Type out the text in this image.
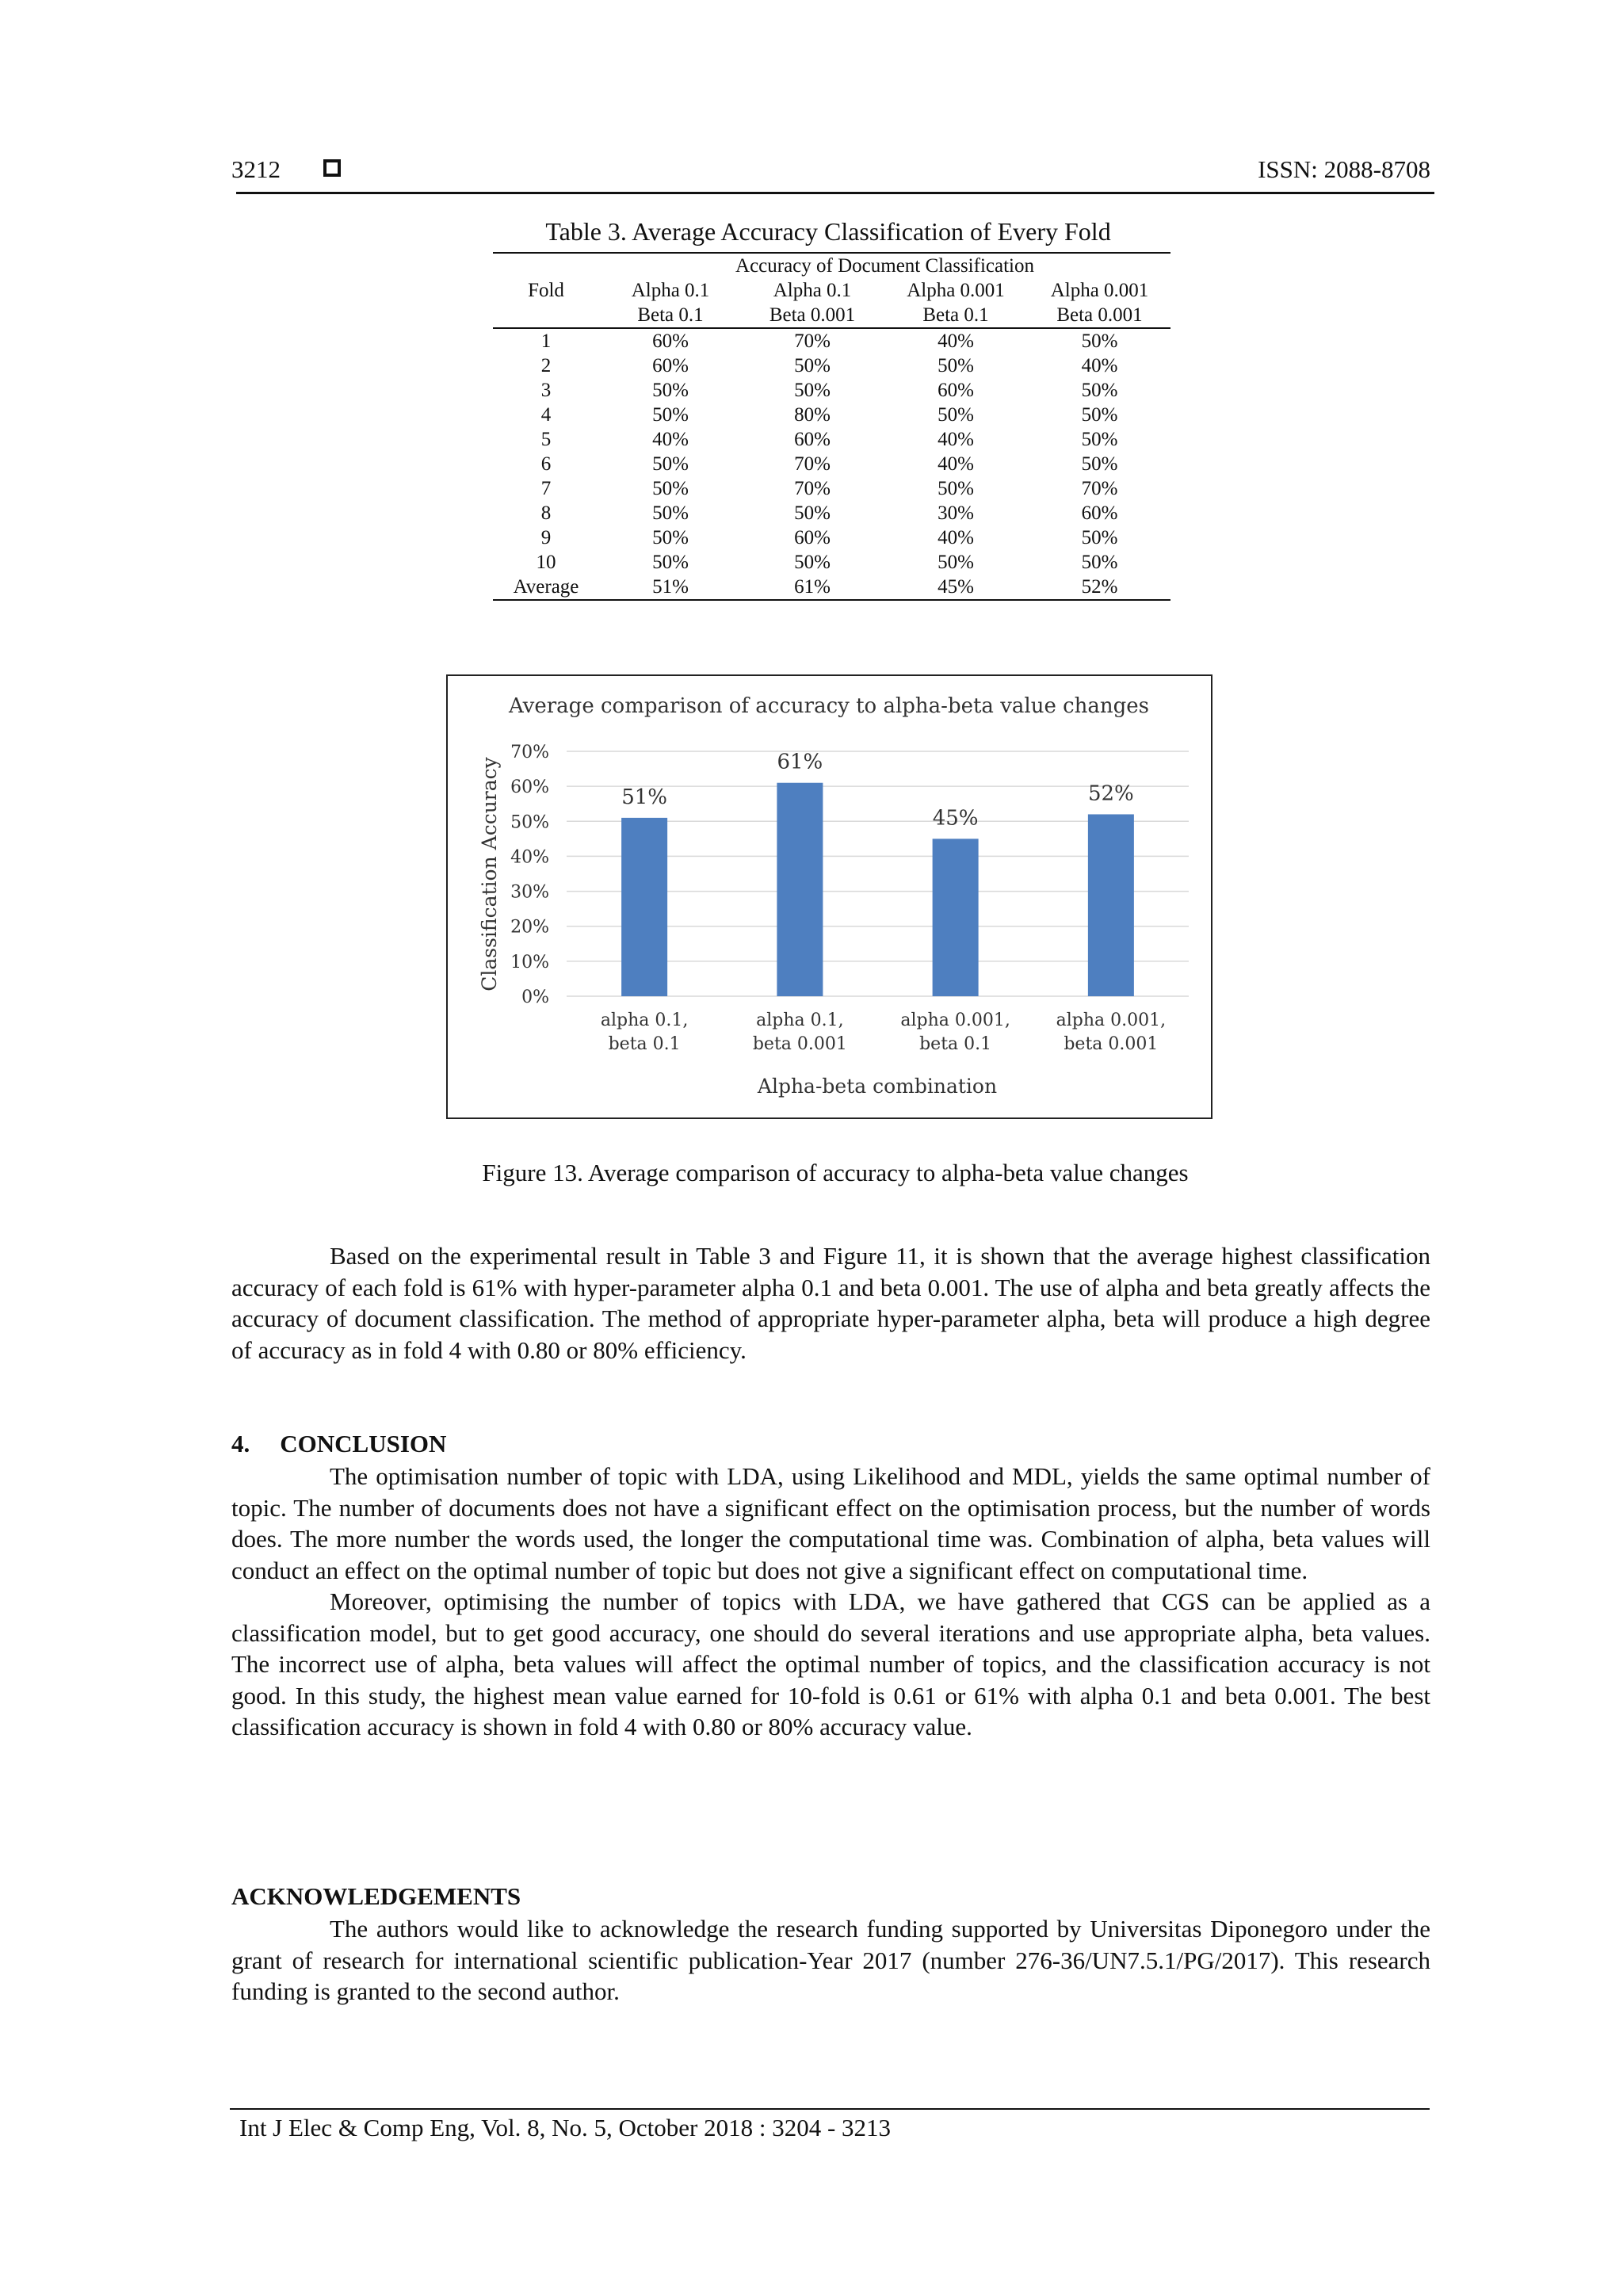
3212	ISSN: 2088-8708
Table 3. Average Accuracy Classification of Every Fold
	Accuracy of Document Classification			
Fold	Alpha 0.1	Alpha 0.1	Alpha 0.001	Alpha 0.001
	Beta 0.1	Beta 0.001	Beta 0.1	Beta 0.001
1	60%	70%	40%	50%
2	60%	50%	50%	40%
3	50%	50%	60%	50%
4	50%	80%	50%	50%
5	40%	60%	40%	50%
6	50%	70%	40%	50%
7	50%	70%	50%	70%
8	50%	50%	30%	60%
9	50%	60%	40%	50%
10	50%	50%	50%	50%
Average	51%	61%	45%	52%
Average comparison of accuracy to alpha-beta value changes
0%
10%
20%
30%
40%
50%
60%
70%
51%
alpha 0.1,
beta 0.1
61%
alpha 0.1,
beta 0.001
45%
alpha 0.001,
beta 0.1
52%
alpha 0.001,
beta 0.001
Alpha-beta combination
Classification Accuracy
Figure 13. Average comparison of accuracy to alpha-beta value changes

Based on the experimental result in Table 3 and Figure 11, it is shown that the average highest classification accuracy of each fold is 61% with hyper-parameter alpha 0.1 and beta 0.001. The use of alpha and beta greatly affects the accuracy of document classification. The method of appropriate hyper-parameter alpha, beta will produce a high degree of accuracy as in fold 4 with 0.80 or 80% efficiency.

4. CONCLUSION

The optimisation number of topic with LDA, using Likelihood and MDL, yields the same optimal number of topic. The number of documents does not have a significant effect on the optimisation process, but the number of words does. The more number the words used, the longer the computational time was. Combination of alpha, beta values will conduct an effect on the optimal number of topic but does not give a significant effect on computational time.

Moreover, optimising the number of topics with LDA, we have gathered that CGS can be applied as a classification model, but to get good accuracy, one should do several iterations and use appropriate alpha, beta values. The incorrect use of alpha, beta values will affect the optimal number of topics, and the classification accuracy is not good. In this study, the highest mean value earned for 10-fold is 0.61 or 61% with alpha 0.1 and beta 0.001. The best classification accuracy is shown in fold 4 with 0.80 or 80% accuracy value.

ACKNOWLEDGEMENTS

The authors would like to acknowledge the research funding supported by Universitas Diponegoro under the grant of research for international scientific publication-Year 2017 (number 276-36/UN7.5.1/PG/2017). This research funding is granted to the second author.

Int J Elec & Comp Eng, Vol. 8, No. 5, October 2018 : 3204 - 3213
